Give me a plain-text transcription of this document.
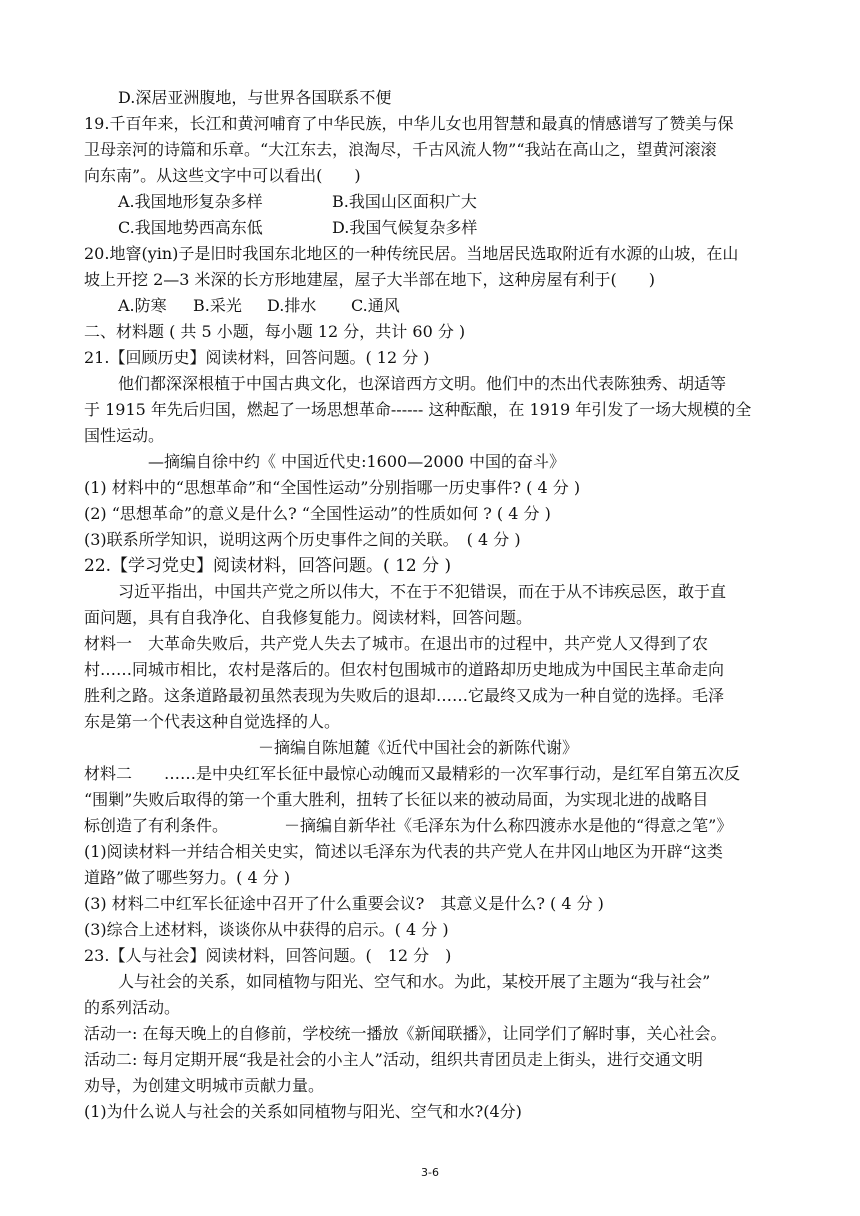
D.深居亚洲腹地，与世界各国联系不便
19.千百年来，长江和黄河哺育了中华民族，中华儿女也用智慧和最真的情感谱写了赞美与保
卫母亲河的诗篇和乐章。“大江东去，浪淘尽，千古风流人物”“我站在高山之，望黄河滚滚
向东南”。从这些文字中可以看出(　　)
A.我国地形复杂多样	B.我国山区面积广大
C.我国地势西高东低	D.我国气候复杂多样
20.地窨(yin)子是旧时我国东北地区的一种传统民居。当地居民选取附近有水源的山坡，在山
坡上开挖 2—3 米深的长方形地建屋，屋子大半部在地下，这种房屋有利于(　　)
A.防寒 B.采光 D.排水 C.通风
二、材料题 ( 共 5 小题，每小题 12 分，共计 60 分 )
21.【回顾历史】阅读材料，回答问题。( 12 分 )
他们都深深根植于中国古典文化，也深谙西方文明。他们中的杰出代表陈独秀、胡适等
于 1915 年先后归国，燃起了一场思想革命------ 这种酝酿，在 1919 年引发了一场大规模的全
国性运动。
—摘编自徐中约《 中国近代史:1600—2000 中国的奋斗》
(1) 材料中的“思想革命”和“全国性运动”分别指哪一历史事件? ( 4 分 )
(2) “思想革命”的意义是什么? “全国性运动”的性质如何 ? ( 4 分 )
(3)联系所学知识，说明这两个历史事件之间的关联。　( 4 分 )
22.【学习党史】阅读材料，回答问题。( 12 分 )
习近平指出，中国共产党之所以伟大，不在于不犯错误，而在于从不讳疾忌医，敢于直
面问题，具有自我净化、自我修复能力。阅读材料，回答问题。
材料一　大革命失败后，共产党人失去了城市。在退出市的过程中，共产党人又得到了农
村……同城市相比，农村是落后的。但农村包围城市的道路却历史地成为中国民主革命走向
胜利之路。这条道路最初虽然表现为失败后的退却……它最终又成为一种自觉的选择。毛泽
东是第一个代表这种自觉选择的人。
－摘编自陈旭麓《近代中国社会的新陈代谢》
材料二　　……是中央红军长征中最惊心动魄而又最精彩的一次军事行动，是红军自第五次反
“围剿”失败后取得的第一个重大胜利，扭转了长征以来的被动局面，为实现北进的战略目
标创造了有利条件。　　　　－摘编自新华社《毛泽东为什么称四渡赤水是他的“得意之笔”》
(1)阅读材料一并结合相关史实，简述以毛泽东为代表的共产党人在井冈山地区为开辟“这类
道路”做了哪些努力。( 4 分 )
(3) 材料二中红军长征途中召开了什么重要会议?　其意义是什么? ( 4 分 )
(3)综合上述材料，谈谈你从中获得的启示。( 4 分 )
23.【人与社会】阅读材料，回答问题。(　12 分　)
人与社会的关系，如同植物与阳光、空气和水。为此，某校开展了主题为“我与社会”
的系列活动。
活动一: 在每天晚上的自修前，学校统一播放《新闻联播》，让同学们了解时事，关心社会。
活动二: 每月定期开展“我是社会的小主人”活动，组织共青团员走上街头，进行交通文明
劝导，为创建文明城市贡献力量。
(1)为什么说人与社会的关系如同植物与阳光、空气和水?(4分)
3-6
